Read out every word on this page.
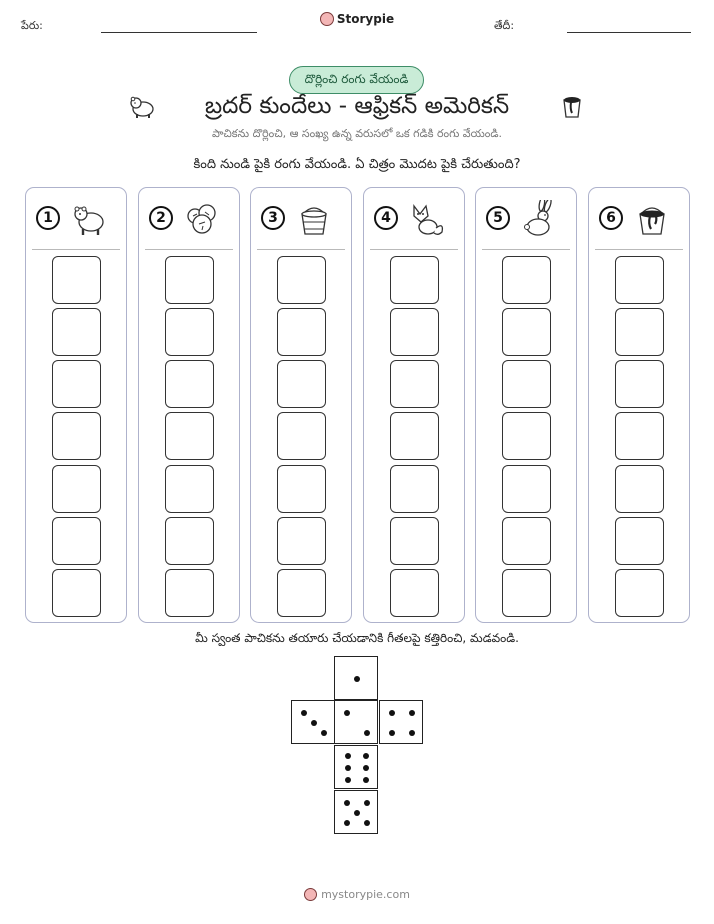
పేరు:	Storypie	తేదీ:
దొర్లించి రంగు వేయండి
బ్రదర్ కుందేలు - ఆఫ్రికన్ అమెరికన్
పాచికను దొర్లించి, ఆ సంఖ్య ఉన్న వరుసలో ఒక గడికి రంగు వేయండి.
కింది నుండి పైకి రంగు వేయండి. ఏ చిత్రం మొదట పైకి చేరుతుంది?
1	2	3	4	5	6
మీ స్వంత పాచికను తయారు చేయడానికి గీతలపై కత్తిరించి, మడవండి.
mystorypie.com
